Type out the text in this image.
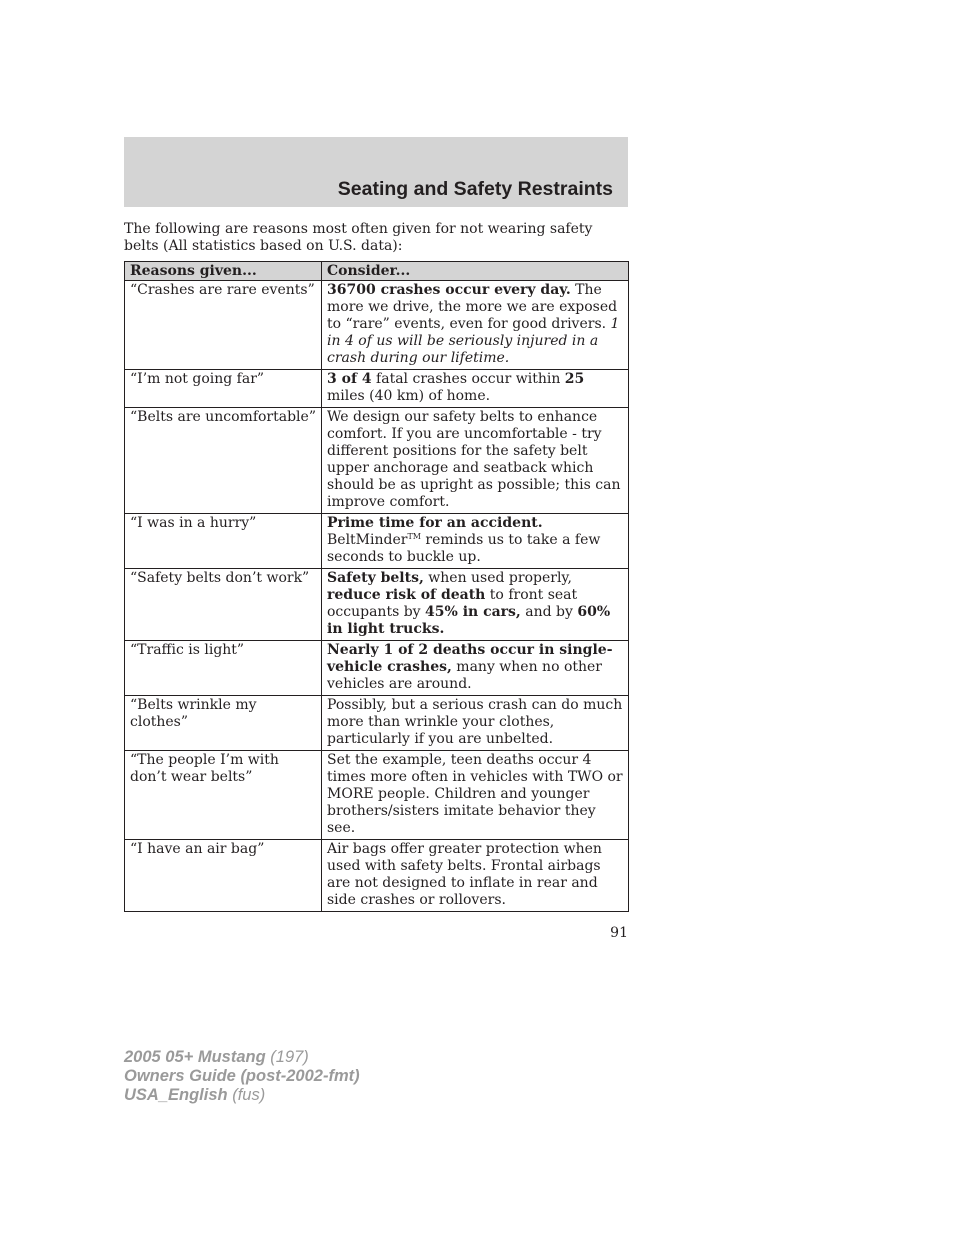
Seating and Safety Restraints
The following are reasons most often given for not wearing safety belts (All statistics based on U.S. data):
Reasons given...	Consider...
“Crashes are rare events”	36700 crashes occur every day. The more we drive, the more we are exposed to “rare” events, even for good drivers. 1 in 4 of us will be seriously injured in a crash during our lifetime.
“I’m not going far”	3 of 4 fatal crashes occur within 25 miles (40 km) of home.
“Belts are uncomfortable”	We design our safety belts to enhance comfort. If you are uncomfortable - try different positions for the safety belt upper anchorage and seatback which should be as upright as possible; this can improve comfort.
“I was in a hurry”	Prime time for an accident.
BeltMinder™ reminds us to take a few seconds to buckle up.
“Safety belts don’t work”	Safety belts, when used properly, reduce risk of death to front seat occupants by 45% in cars, and by 60% in light trucks.
“Traffic is light”	Nearly 1 of 2 deaths occur in single-vehicle crashes, many when no other vehicles are around.
“Belts wrinkle my clothes”	Possibly, but a serious crash can do much more than wrinkle your clothes, particularly if you are unbelted.
“The people I’m with don’t wear belts”	Set the example, teen deaths occur 4 times more often in vehicles with TWO or MORE people. Children and younger brothers/sisters imitate behavior they see.
“I have an air bag”	Air bags offer greater protection when used with safety belts. Frontal airbags are not designed to inflate in rear and side crashes or rollovers.
91
2005 05+ Mustang (197)
Owners Guide (post-2002-fmt)
USA_English (fus)
